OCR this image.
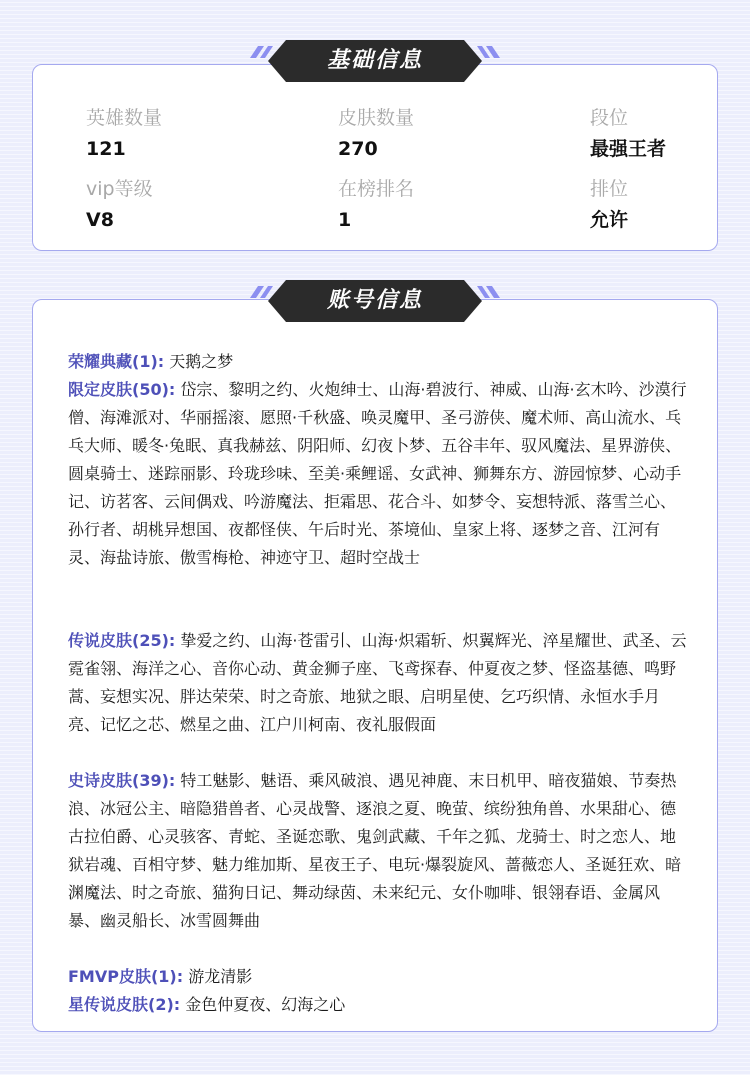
基础信息
英雄数量
121
皮肤数量
270
段位
最强王者
vip等级
V8
在榜排名
1
排位
允许
账号信息
荣耀典藏(1): 天鹅之梦
限定皮肤(50): 岱宗、黎明之约、火炮绅士、山海·碧波行、神威、山海·玄木吟、沙漠行僧、海滩派对、华丽摇滚、愿照·千秋盛、唤灵魔甲、圣弓游侠、魔术师、高山流水、乓乓大师、暖冬·兔眠、真我赫兹、阴阳师、幻夜卜梦、五谷丰年、驭风魔法、星界游侠、圆桌骑士、迷踪丽影、玲珑珍味、至美·乘鲤谣、女武神、狮舞东方、游园惊梦、心动手记、访茗客、云间偶戏、吟游魔法、拒霜思、花合斗、如梦令、妄想特派、落雪兰心、孙行者、胡桃异想国、夜都怪侠、午后时光、茶境仙、皇家上将、逐梦之音、江河有灵、海盐诗旅、傲雪梅枪、神迹守卫、超时空战士
传说皮肤(25): 挚爱之约、山海·苍雷引、山海·炽霜斩、炽翼辉光、淬星耀世、武圣、云霓雀翎、海洋之心、音你心动、黄金狮子座、飞鸢探春、仲夏夜之梦、怪盗基德、鸣野蒿、妄想实况、胖达荣荣、时之奇旅、地狱之眼、启明星使、乞巧织情、永恒水手月亮、记忆之芯、燃星之曲、江户川柯南、夜礼服假面
史诗皮肤(39): 特工魅影、魅语、乘风破浪、遇见神鹿、末日机甲、暗夜猫娘、节奏热浪、冰冠公主、暗隐猎兽者、心灵战警、逐浪之夏、晚萤、缤纷独角兽、水果甜心、德古拉伯爵、心灵骇客、青蛇、圣诞恋歌、鬼剑武藏、千年之狐、龙骑士、时之恋人、地狱岩魂、百相守梦、魅力维加斯、星夜王子、电玩·爆裂旋风、蔷薇恋人、圣诞狂欢、暗渊魔法、时之奇旅、猫狗日记、舞动绿茵、未来纪元、女仆咖啡、银翎春语、金属风暴、幽灵船长、冰雪圆舞曲
FMVP皮肤(1): 游龙清影
星传说皮肤(2): 金色仲夏夜、幻海之心
